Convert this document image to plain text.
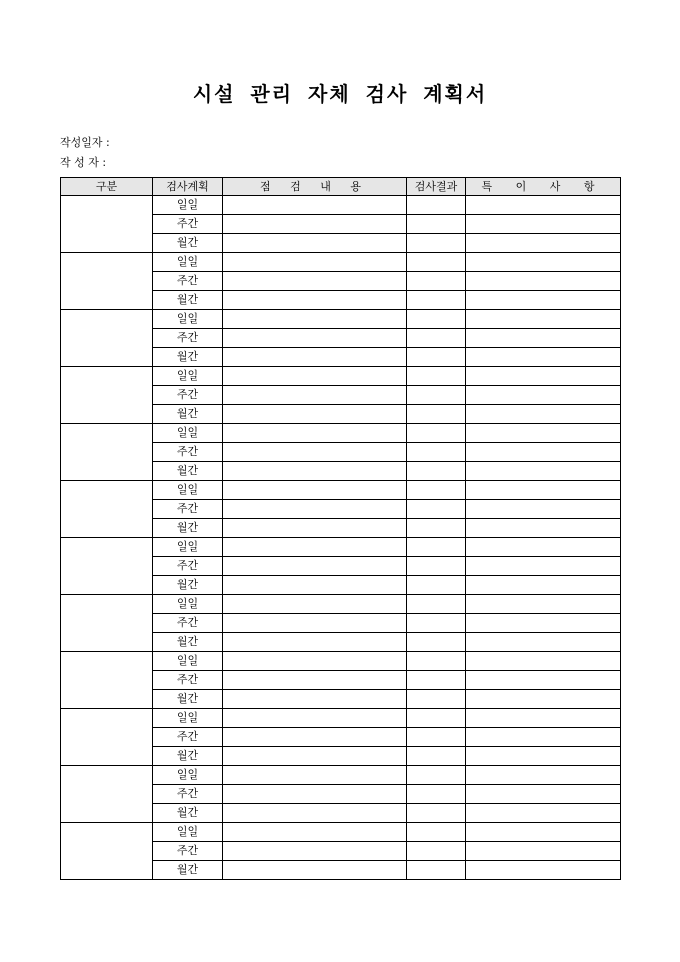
시설 관리 자체 검사 계획서
작성일자 :
작 성 자 :
구분	검사계획	점 검 내 용	검사결과	특 이 사 항
	일일			
	주간			
	월간			
	일일			
	주간			
	월간			
	일일			
	주간			
	월간			
	일일			
	주간			
	월간			
	일일			
	주간			
	월간			
	일일			
	주간			
	월간			
	일일			
	주간			
	월간			
	일일			
	주간			
	월간			
	일일			
	주간			
	월간			
	일일			
	주간			
	월간			
	일일			
	주간			
	월간			
	일일			
	주간			
	월간			
